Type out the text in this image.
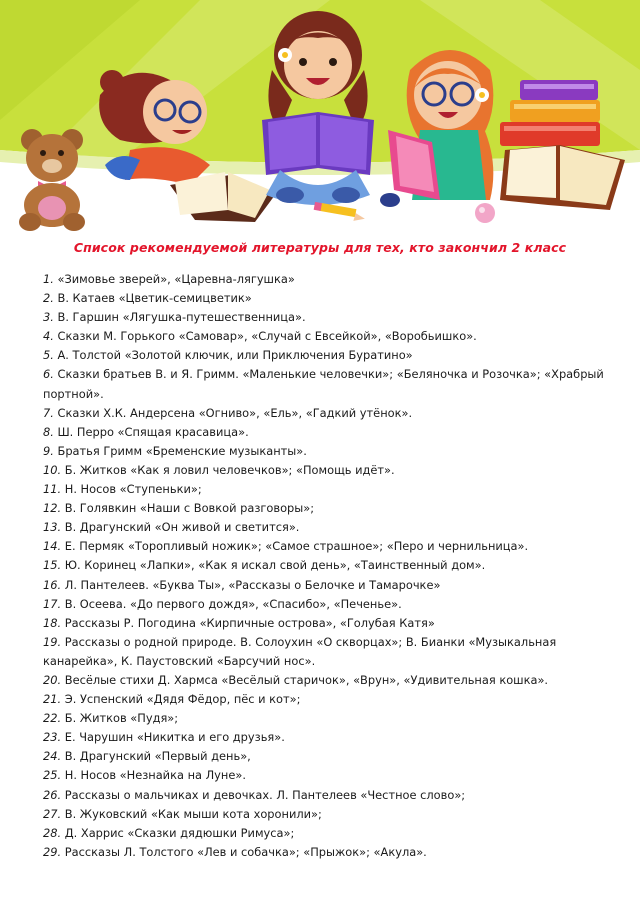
Список рекомендуемой литературы для тех, кто закончил 2 класс
1. «Зимовье зверей», «Царевна-лягушка»
2. В. Катаев «Цветик-семицветик»
3. В. Гаршин «Лягушка-путешественница».
4. Сказки М. Горького «Самовар», «Случай с Евсейкой», «Воробьишко».
5. А. Толстой «Золотой ключик, или Приключения Буратино»
6. Сказки братьев В. и Я. Гримм. «Маленькие человечки»; «Беляночка и Розочка»; «Храбрый портной».
7. Сказки Х.К. Андерсена «Огниво», «Ель», «Гадкий утёнок».
8. Ш. Перро «Спящая красавица».
9. Братья Гримм «Бременские музыканты».
10. Б. Житков «Как я ловил человечков»; «Помощь идёт».
11. Н. Носов «Ступеньки»;
12. В. Голявкин «Наши с Вовкой разговоры»;
13. В. Драгунский «Он живой и светится».
14. Е. Пермяк «Торопливый ножик»; «Самое страшное»; «Перо и чернильница».
15. Ю. Коринец «Лапки», «Как я искал свой день», «Таинственный дом».
16. Л. Пантелеев. «Буква Ты», «Рассказы о Белочке и Тамарочке»
17. В. Осеева. «До первого дождя», «Спасибо», «Печенье».
18. Рассказы Р. Погодина «Кирпичные острова», «Голубая Катя»
19. Рассказы о родной природе. В. Солоухин «О скворцах»; В. Бианки «Музыкальная канарейка», К. Паустовский «Барсучий нос».
20. Весёлые стихи Д. Хармса «Весёлый старичок», «Врун», «Удивительная кошка».
21. Э. Успенский «Дядя Фёдор, пёс и кот»;
22. Б. Житков «Пудя»;
23. Е. Чарушин «Никитка и его друзья».
24. В. Драгунский «Первый день»,
25. Н. Носов «Незнайка на Луне».
26. Рассказы о мальчиках и девочках. Л. Пантелеев «Честное слово»;
27. В. Жуковский «Как мыши кота хоронили»;
28. Д. Харрис «Сказки дядюшки Римуса»;
29. Рассказы Л. Толстого «Лев и собачка»; «Прыжок»; «Акула».
